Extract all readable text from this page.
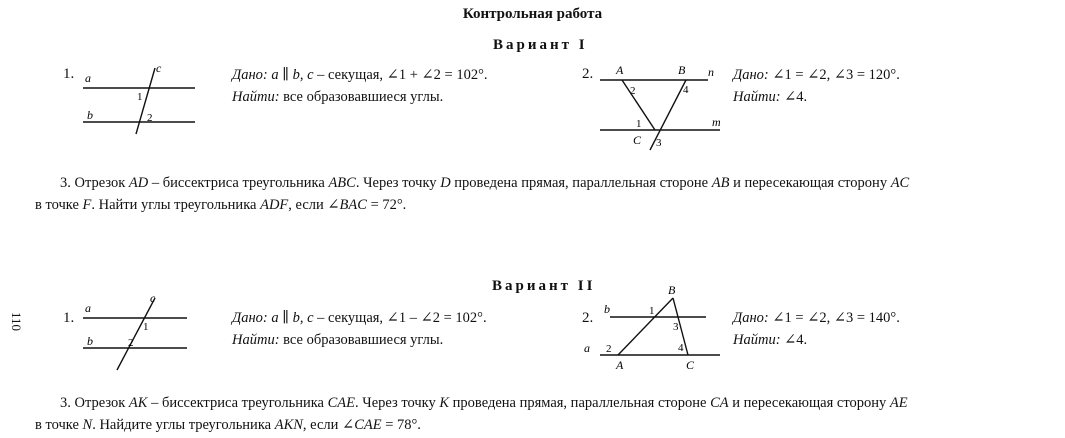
Контрольная работа
Вариант I
1. a
b
c
1
2
Дано: a ∥ b, c – секущая, ∠1 + ∠2 = 102°.
Найти: все образовавшиеся углы.
2. A	B n
m
C
2	4
1
3
Дано: ∠1 = ∠2, ∠3 = 120°.
Найти: ∠4.
3. Отрезок AD – биссектриса треугольника ABC. Через точку D проведена прямая, параллельная стороне AB и пересекающая сторону AC
в точке F. Найти углы треугольника ADF, если ∠BAC = 72°.
110
Вариант II
1.
a
b
c
1
2
Дано: a ∥ b, c – секущая, ∠1 – ∠2 = 102°.
Найти: все образовавшиеся углы.
2.
B
b
a
A	C
1
2
3
4
Дано: ∠1 = ∠2, ∠3 = 140°.
Найти: ∠4.
3. Отрезок AK – биссектриса треугольника CAE. Через точку K проведена прямая, параллельная стороне CA и пересекающая сторону AE
в точке N. Найдите углы треугольника AKN, если ∠CAE = 78°.
